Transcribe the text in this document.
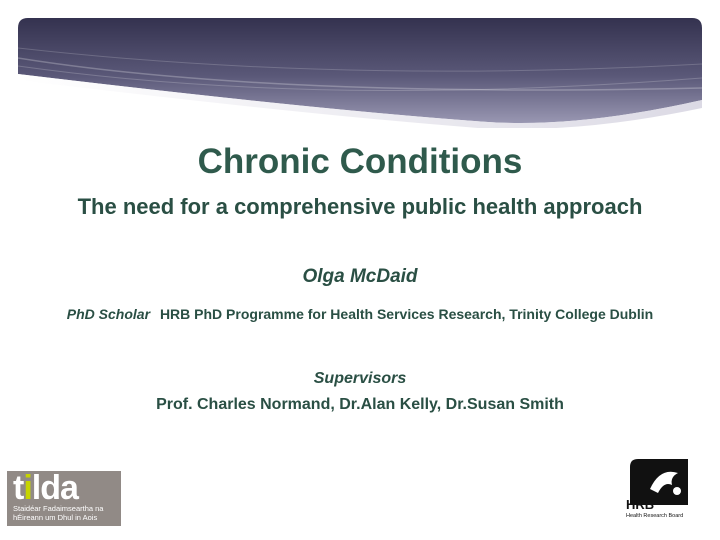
Chronic Conditions
The need for a comprehensive public health approach
Olga McDaid
PhD Scholar HRB PhD Programme for Health Services Research, Trinity College Dublin
Supervisors
Prof. Charles Normand, Dr.Alan Kelly, Dr.Susan Smith
tilda
Staidéar Fadaimseartha na hÉireann um Dhul in Aois
HRB
Health Research Board
